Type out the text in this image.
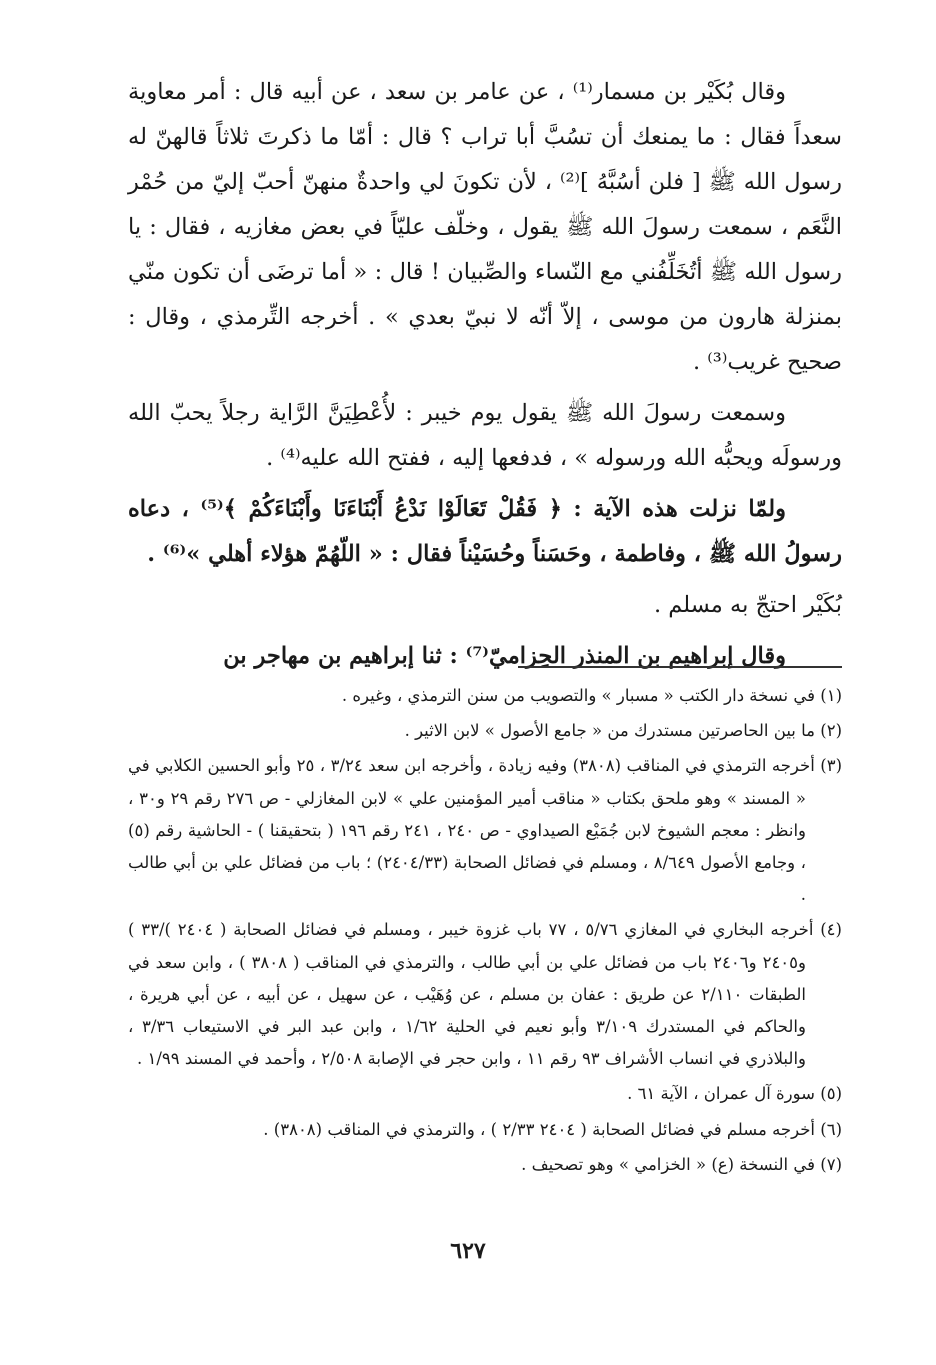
وقال بُكَيْر بن مسمار⁽¹⁾ ، عن عامر بن سعد ، عن أبيه قال : أمر معاوية سعداً فقال : ما يمنعك أن تسُبَّ أبا تراب ؟ قال : أمّا ما ذكرتَ ثلاثاً قالهنّ له رسول الله ﷺ [ فلن أسُبَّهُ ]⁽²⁾ ، لأن تكونَ لي واحدةٌ منهنّ أحبّ إليّ من حُمْر النَّعَم ، سمعت رسولَ الله ﷺ يقول ، وخلّف عليّاً في بعض مغازيه ، فقال : يا رسول الله ﷺ أتُخَلِّفُني مع النّساء والصِّبيان ! قال : « أما ترضَى أن تكون منّي بمنزلة هارون من موسى ، إلاّ أنّه لا نبيّ بعدي » . أخرجه التِّرمذي ، وقال : صحيح غريب⁽³⁾ .

وسمعت رسولَ الله ﷺ يقول يوم خيبر : لأُعْطِيَنَّ الرَّاية رجلاً يحبّ الله ورسولَه ويحبُّه الله ورسوله » ، فدفعها إليه ، ففتح الله عليه⁽⁴⁾ .

ولمّا نزلت هذه الآية : ﴿ فَقُلْ تَعَالَوْا نَدْعُ أَبْنَاءَنَا وأَبْنَاءَكُمْ ﴾⁽⁵⁾ ، دعاه رسولُ الله ﷺ ، وفاطمة ، وحَسَناً وحُسَيْناً فقال : « اللّهُمّ هؤلاء أهلي »⁽⁶⁾ .

بُكَيْر احتجّ به مسلم .

وقال إبراهيم بن المنذر الحِزاميّ⁽⁷⁾ : ثنا إبراهيم بن مهاجر بن

(١) في نسخة دار الكتب « مسبار » والتصويب من سنن الترمذي ، وغيره .
(٢) ما بين الحاصرتين مستدرك من « جامع الأصول » لابن الاثير .
(٣) أخرجه الترمذي في المناقب (٣٨٠٨) وفيه زيادة ، وأخرجه ابن سعد ٣/٢٤ ، ٢٥ وأبو الحسين الكلابي في « المسند » وهو ملحق بكتاب « مناقب أمير المؤمنين علي » لابن المغازلي - ص ٢٧٦ رقم ٢٩ و٣٠ ، وانظر : معجم الشيوخ لابن جُمَيْع الصيداوي - ص ٢٤٠ ، ٢٤١ رقم ١٩٦ ( بتحقيقنا ) - الحاشية رقم (٥) ، وجامع الأصول ٨/٦٤٩ ، ومسلم في فضائل الصحابة (٢٤٠٤/٣٣) ؛ باب من فضائل علي بن أبي طالب .
(٤) أخرجه البخاري في المغازي ٥/٧٦ ، ٧٧ باب غزوة خيبر ، ومسلم في فضائل الصحابة ( ٢٤٠٤ )/٣٣ ) و٢٤٠٥ و٢٤٠٦ باب من فضائل علي بن أبي طالب ، والترمذي في المناقب ( ٣٨٠٨ ) ، وابن سعد في الطبقات ٢/١١٠ عن طريق : عفان بن مسلم ، عن وُهَيْب ، عن سهيل ، عن أبيه ، عن أبي هريرة ، والحاكم في المستدرك ٣/١٠٩ وأبو نعيم في الحلية ١/٦٢ ، وابن عبد البر في الاستيعاب ٣/٣٦ ، والبلاذري في انساب الأشراف ٩٣ رقم ١١ ، وابن حجر في الإصابة ٢/٥٠٨ ، وأحمد في المسند ١/٩٩ .
(٥) سورة آل عمران ، الآية ٦١ .
(٦) أخرجه مسلم في فضائل الصحابة ( ٢٤٠٤ ٢/٣٣ ) ، والترمذي في المناقب (٣٨٠٨) .
(٧) في النسخة (ع) « الخزامي » وهو تصحيف .
٦٢٧
